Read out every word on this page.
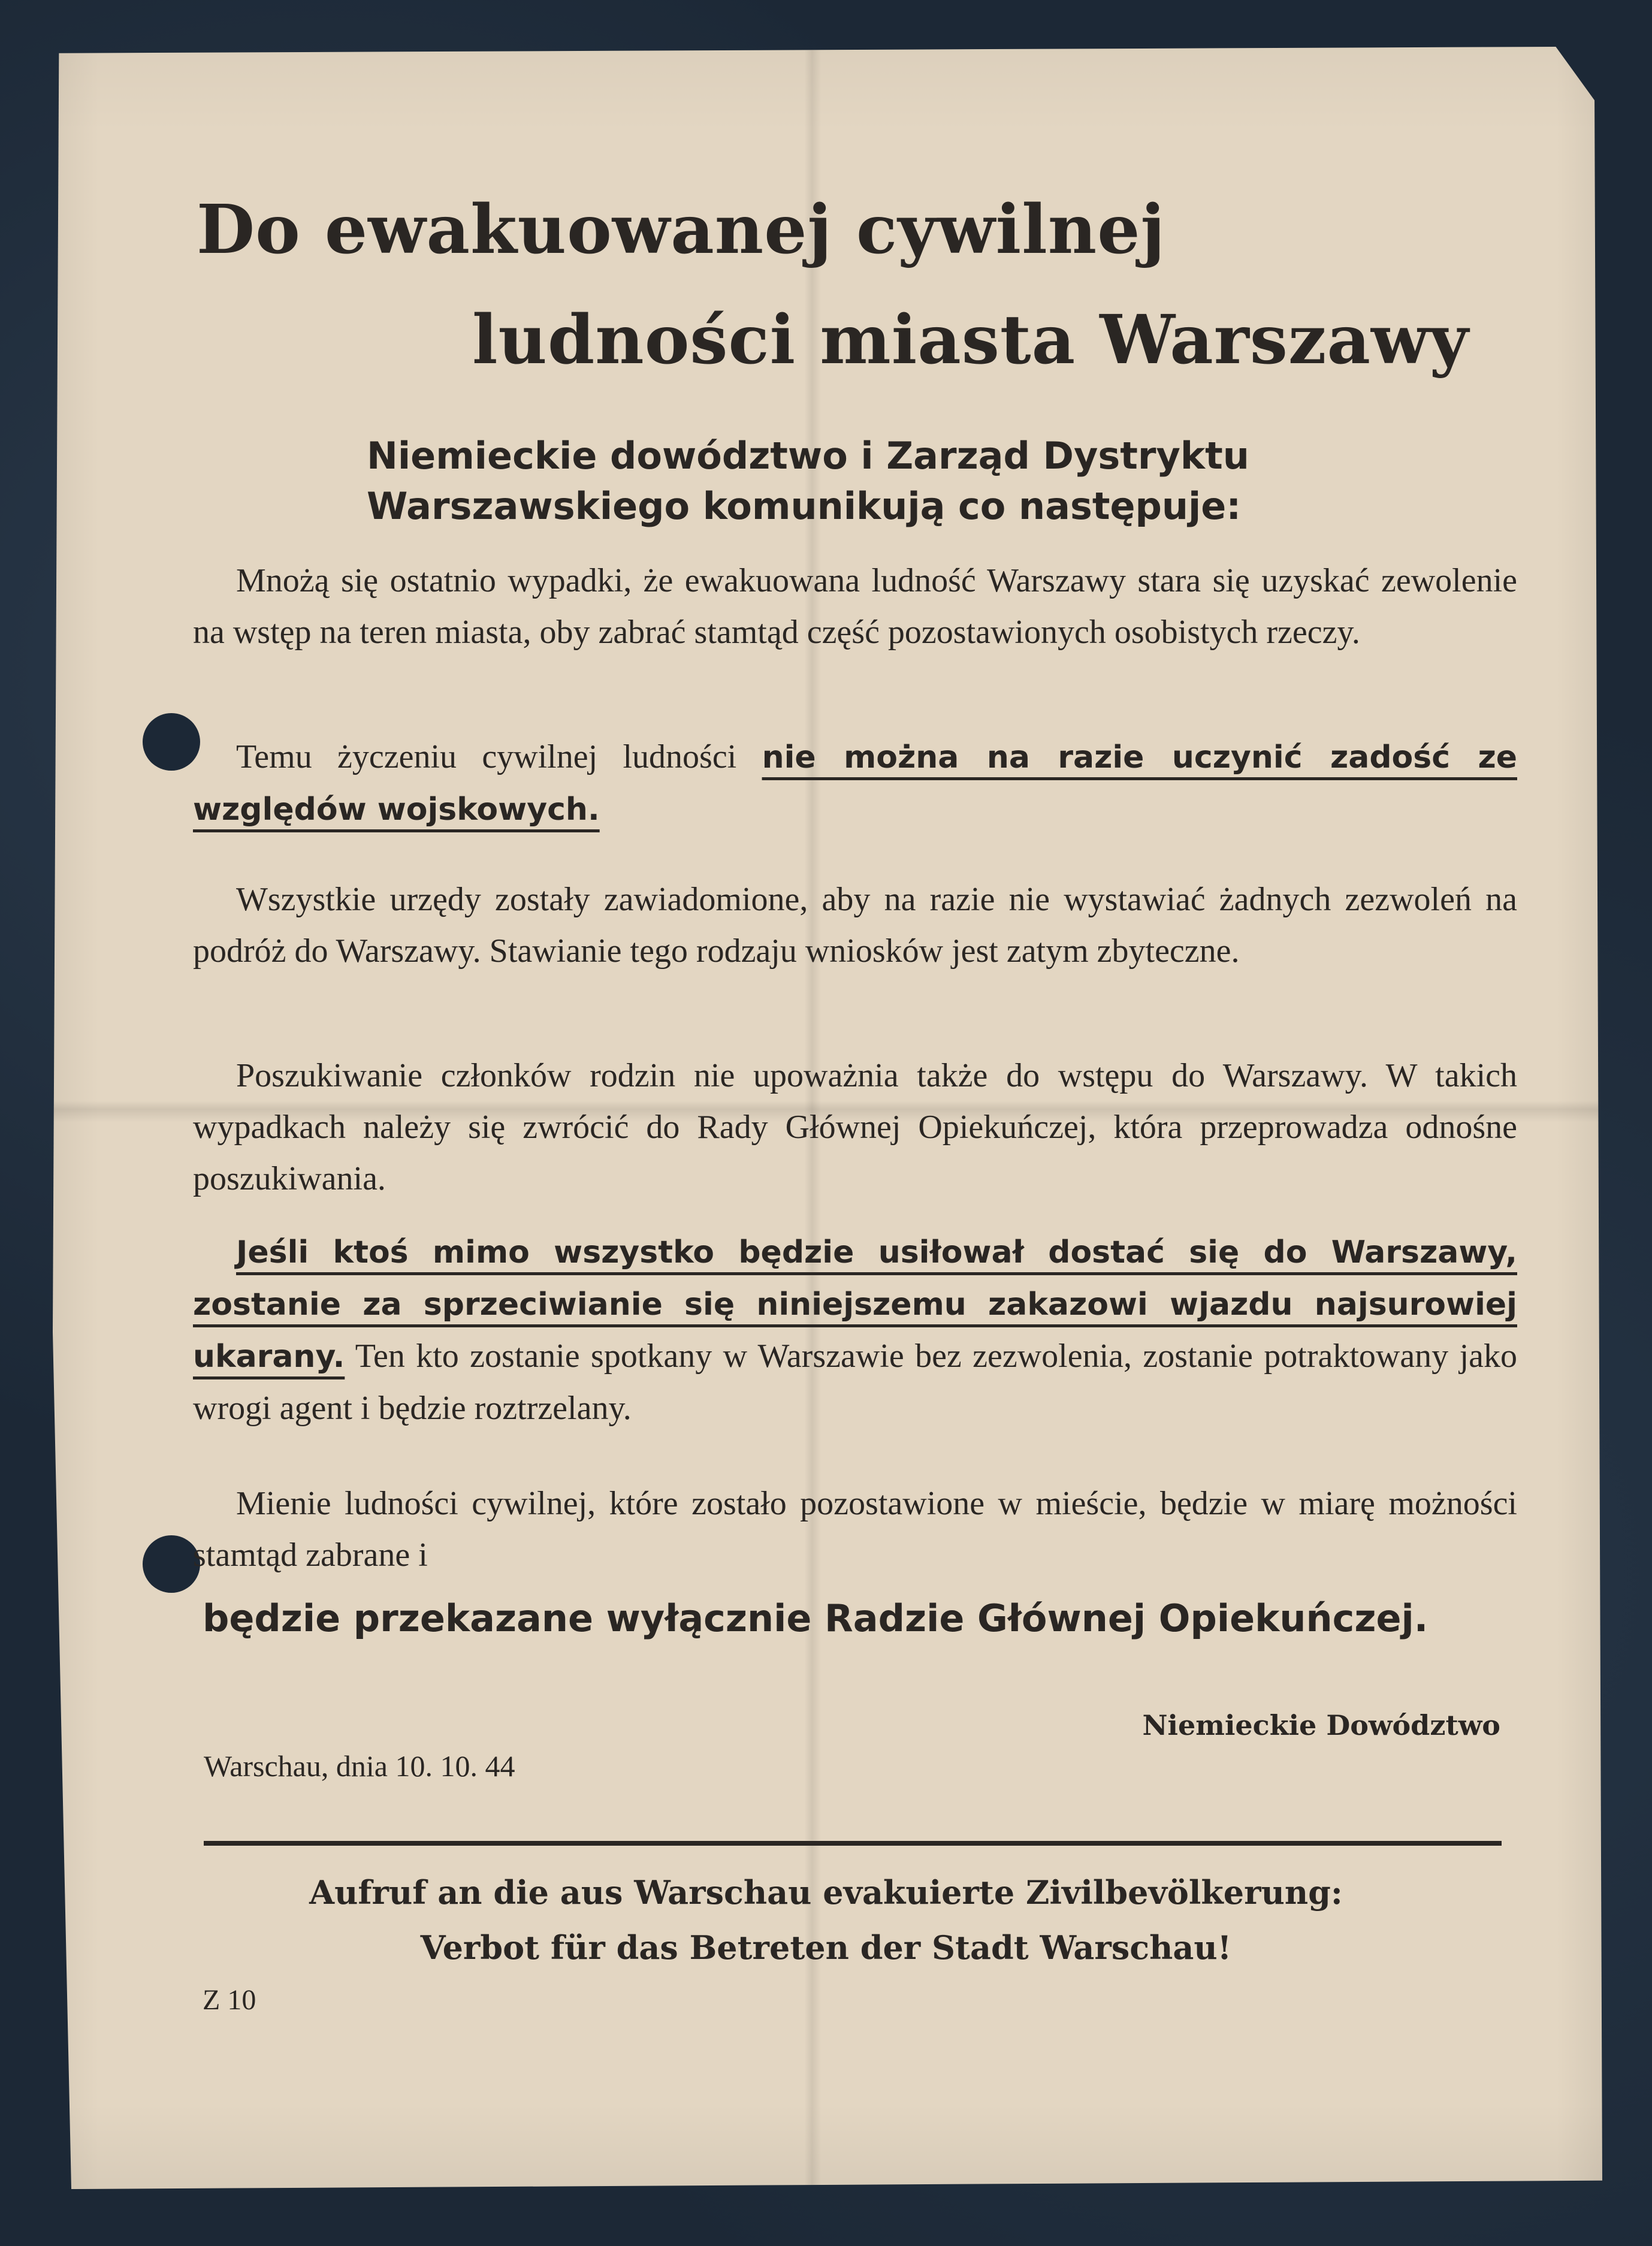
Do ewakuowanej cywilnej
ludności miasta Warszawy
Niemieckie dowództwo i Zarząd Dystryktu
Warszawskiego komunikują co następuje:
Mnożą się ostatnio wypadki, że ewakuowana ludność Warszawy stara się uzyskać zewolenie na wstęp na teren miasta, oby zabrać stamtąd część pozostawionych osobistych rzeczy.
Temu życzeniu cywilnej ludności nie można na razie uczynić zadość ze względów wojskowych.
Wszystkie urzędy zostały zawiadomione, aby na razie nie wystawiać żadnych zezwoleń na podróż do Warszawy. Stawianie tego rodzaju wniosków jest zatym zbyteczne.
Poszukiwanie członków rodzin nie upoważnia także do wstępu do Warszawy. W takich wypadkach należy się zwrócić do Rady Głównej Opiekuńczej, która przeprowadza odnośne poszukiwania.
Jeśli ktoś mimo wszystko będzie usiłował dostać się do Warszawy, zostanie za sprzeciwianie się niniejszemu zakazowi wjazdu najsurowiej ukarany. Ten kto zostanie spotkany w Warszawie bez zezwolenia, zostanie potraktowany jako wrogi agent i będzie roztrzelany.
Mienie ludności cywilnej, które zostało pozostawione w mieście, będzie w miarę możności stamtąd zabrane i
będzie przekazane wyłącznie Radzie Głównej Opiekuńczej.
Niemieckie Dowództwo
Warschau, dnia 10. 10. 44
Aufruf an die aus Warschau evakuierte Zivilbevölkerung:
Verbot für das Betreten der Stadt Warschau!
Z 10
